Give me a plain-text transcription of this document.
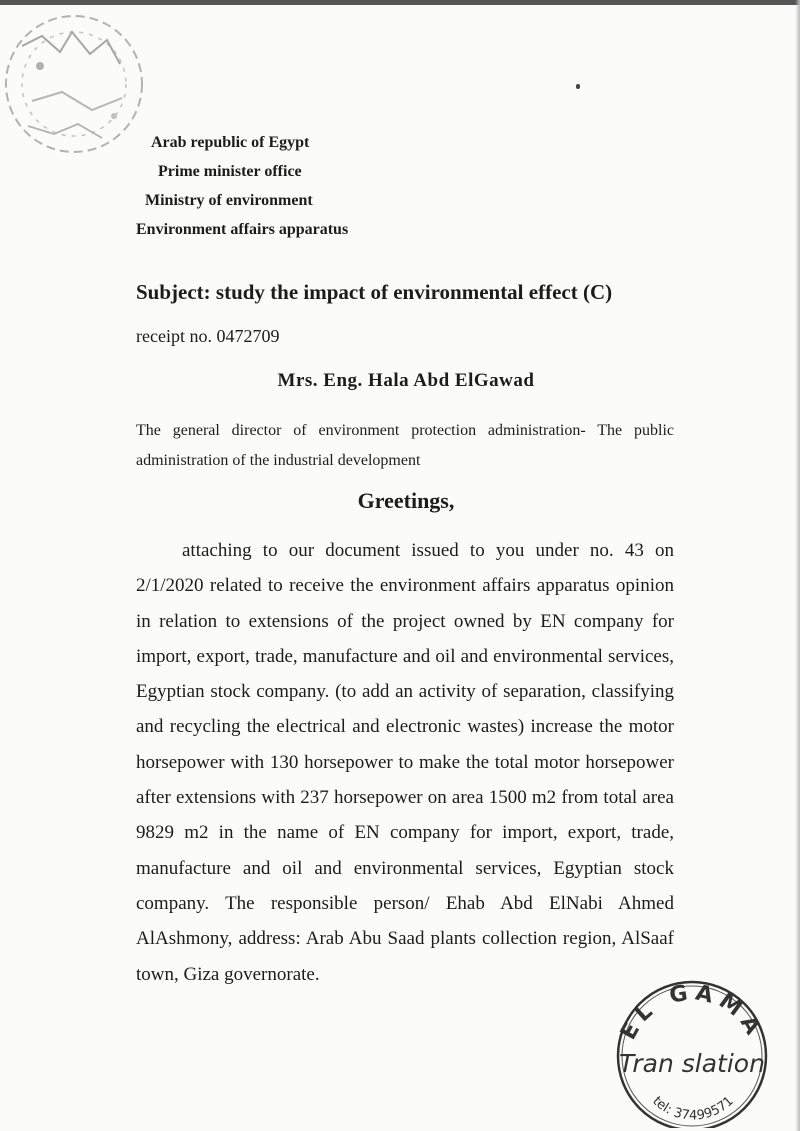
Arab republic of Egypt
Prime minister office
Ministry of environment
Environment affairs apparatus
Subject: study the impact of environmental effect (C)
receipt no. 0472709
Mrs. Eng. Hala Abd ElGawad
The general director of environment protection administration- The public administration of the industrial development
Greetings,
attaching to our document issued to you under no. 43 on 2/1/2020 related to receive the environment affairs apparatus opinion in relation to extensions of the project owned by EN company for import, export, trade, manufacture and oil and environmental services, Egyptian stock company. (to add an activity of separation, classifying and recycling the electrical and electronic wastes) increase the motor horsepower with 130 horsepower to make the total motor horsepower after extensions with 237 horsepower on area 1500 m2 from total area 9829 m2 in the name of EN company for import, export, trade, manufacture and oil and environmental services, Egyptian stock company. The responsible person/ Ehab Abd ElNabi Ahmed AlAshmony, address: Arab Abu Saad plants collection region, AlSaaf town, Giza governorate.
EL GAMA
Tran slation
tel: 37499571
